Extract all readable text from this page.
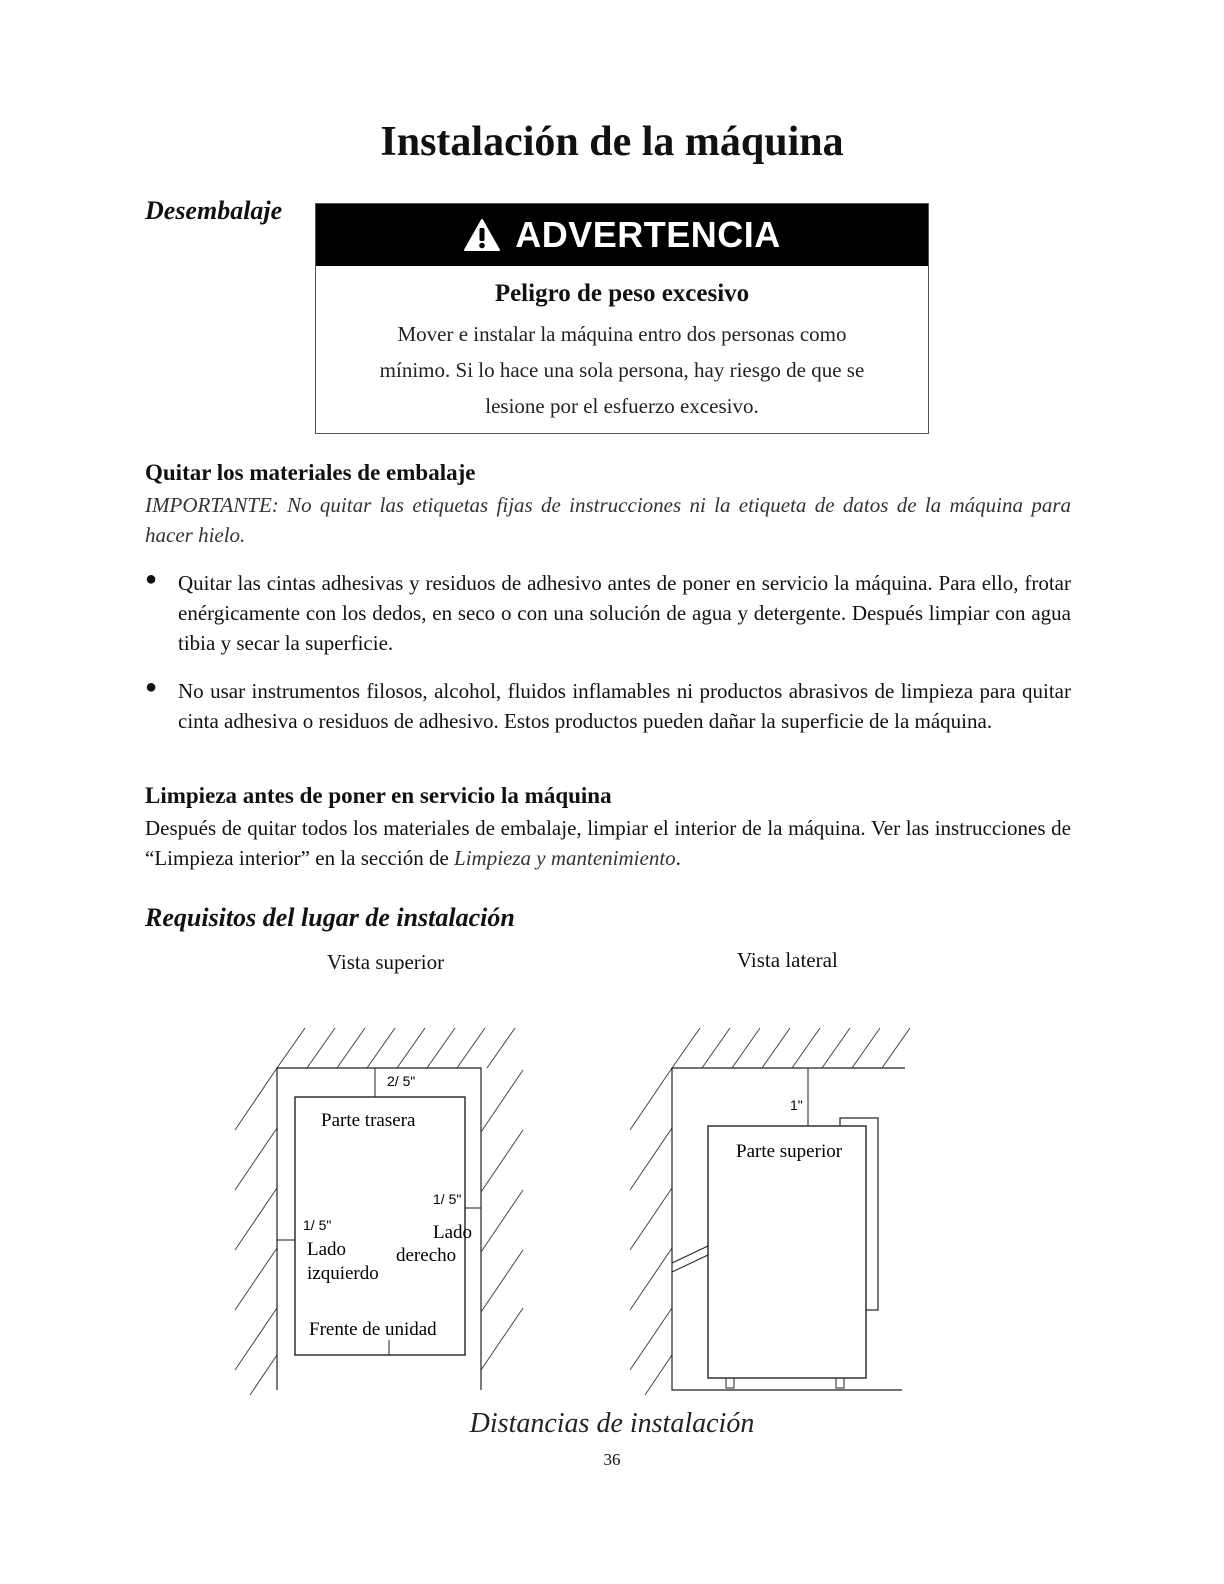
Instalación de la máquina
Desembalaje
ADVERTENCIA
Peligro de peso excesivo
Mover e instalar la máquina entro dos personas como
mínimo. Si lo hace una sola persona, hay riesgo de que se
lesione por el esfuerzo excesivo.
Quitar los materiales de embalaje
IMPORTANTE: No quitar las etiquetas fijas de instrucciones ni la etiqueta de datos de la máquina para hacer hielo.
● Quitar las cintas adhesivas y residuos de adhesivo antes de poner en servicio la máquina. Para ello, frotar enérgicamente con los dedos, en seco o con una solución de agua y detergente. Después limpiar con agua tibia y secar la superficie.
● No usar instrumentos filosos, alcohol, fluidos inflamables ni productos abrasivos de limpieza para quitar cinta adhesiva o residuos de adhesivo. Estos productos pueden dañar la superficie de la máquina.
Limpieza antes de poner en servicio la máquina
Después de quitar todos los materiales de embalaje, limpiar el interior de la máquina. Ver las instrucciones de “Limpieza interior” en la sección de Limpieza y mantenimiento.
Requisitos del lugar de instalación
Vista superior	Vista lateral
2/ 5"
Parte trasera
1/ 5"
Lado
derecho
1/ 5"
Lado
izquierdo
Frente de unidad
1"
Parte superior
Distancias de instalación
36
